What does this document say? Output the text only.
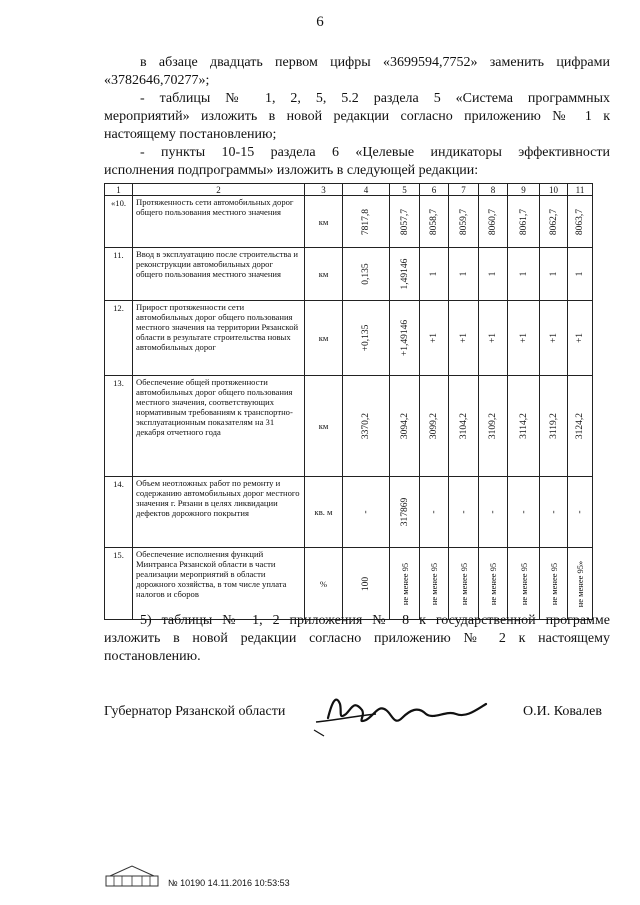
6
в абзаце двадцать первом цифры «3699594,7752» заменить цифрами
«3782646,70277»;
- таблицы № 1, 2, 5, 5.2 раздела 5 «Система программных
мероприятий» изложить в новой редакции согласно приложению № 1 к
настоящему постановлению;
- пункты 10-15 раздела 6 «Целевые индикаторы эффективности
исполнения подпрограммы» изложить в следующей редакции:
1	2	3	4	5	6	7	8	9	10	11
«10.	Протяженность сети автомобильных дорог общего пользования местного значения	км	7817,8	8057,7	8058,7	8059,7	8060,7	8061,7	8062,7	8063,7

11.	Ввод в эксплуатацию после строительства и реконструкции автомобильных дорог общего пользования местного значения	км	0,135	1,49146	1	1	1	1	1	1

12.	Прирост протяженности сети автомобильных дорог общего пользования местного значения на территории Рязанской области в результате строительства новых автомобильных дорог	км	+0,135	+1,49146	+1	+1	+1	+1	+1	+1

13.	Обеспечение общей протяженности автомобильных дорог общего пользования местного значения, соответствующих нормативным требованиям к транспортно-эксплуатационным показателям на 31 декабря отчетного года	км	3370,2	3094,2	3099,2	3104,2	3109,2	3114,2	3119,2	3124,2

14.	Объем неотложных работ по ремонту и содержанию автомобильных дорог местного значения г. Рязани в целях ликвидации дефектов дорожного покрытия	кв. м	-	317869	-	-	-	-	-	-

15.	Обеспечение исполнения функций Минтранса Рязанской области в части реализации мероприятий в области дорожного хозяйства, в том числе уплата налогов и сборов	%	100	не менее 95	не менее 95	не менее 95	не менее 95	не менее 95	не менее 95	не менее 95»
5) таблицы № 1, 2 приложения № 8 к государственной программе
изложить в новой редакции согласно приложению № 2 к настоящему
постановлению.
Губернатор Рязанской области	О.И. Ковалев
№ 10190 14.11.2016 10:53:53
